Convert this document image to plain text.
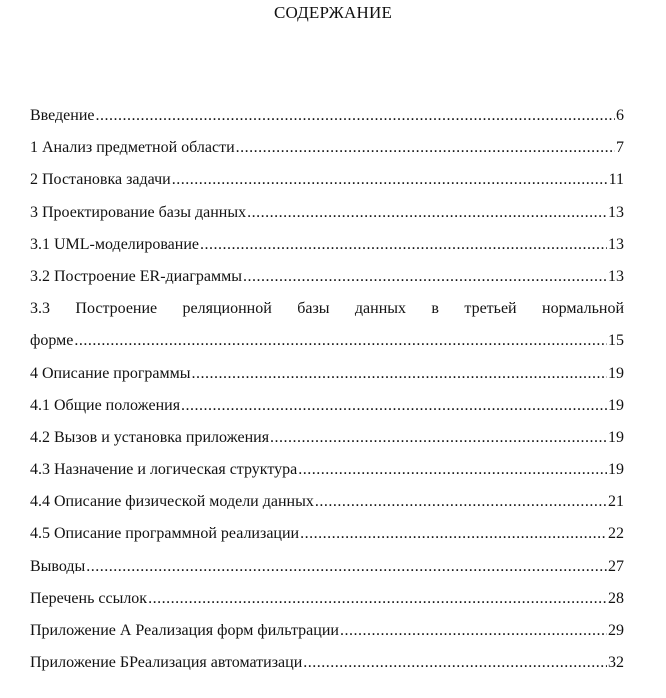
СОДЕРЖАНИЕ
Введение .....	6
1 Анализ предметной области .....	7
2 Постановка задачи .....	11
3 Проектирование базы данных .....	13
3.1 UML-моделирование .....	13
3.2 Построение ER-диаграммы .....	13
3.3 Построение реляционной базы данных в третьей нормальной
форме .....	15
4 Описание программы .....	19
4.1 Общие положения .....	19
4.2 Вызов и установка приложения .....	19
4.3 Назначение и логическая структура .....	19
4.4 Описание физической модели данных .....	21
4.5 Описание программной реализации .....	22
Выводы .....	27
Перечень ссылок .....	28
Приложение А Реализация форм фильтрации .....	29
Приложение БРеализация автоматизаци .....	32
